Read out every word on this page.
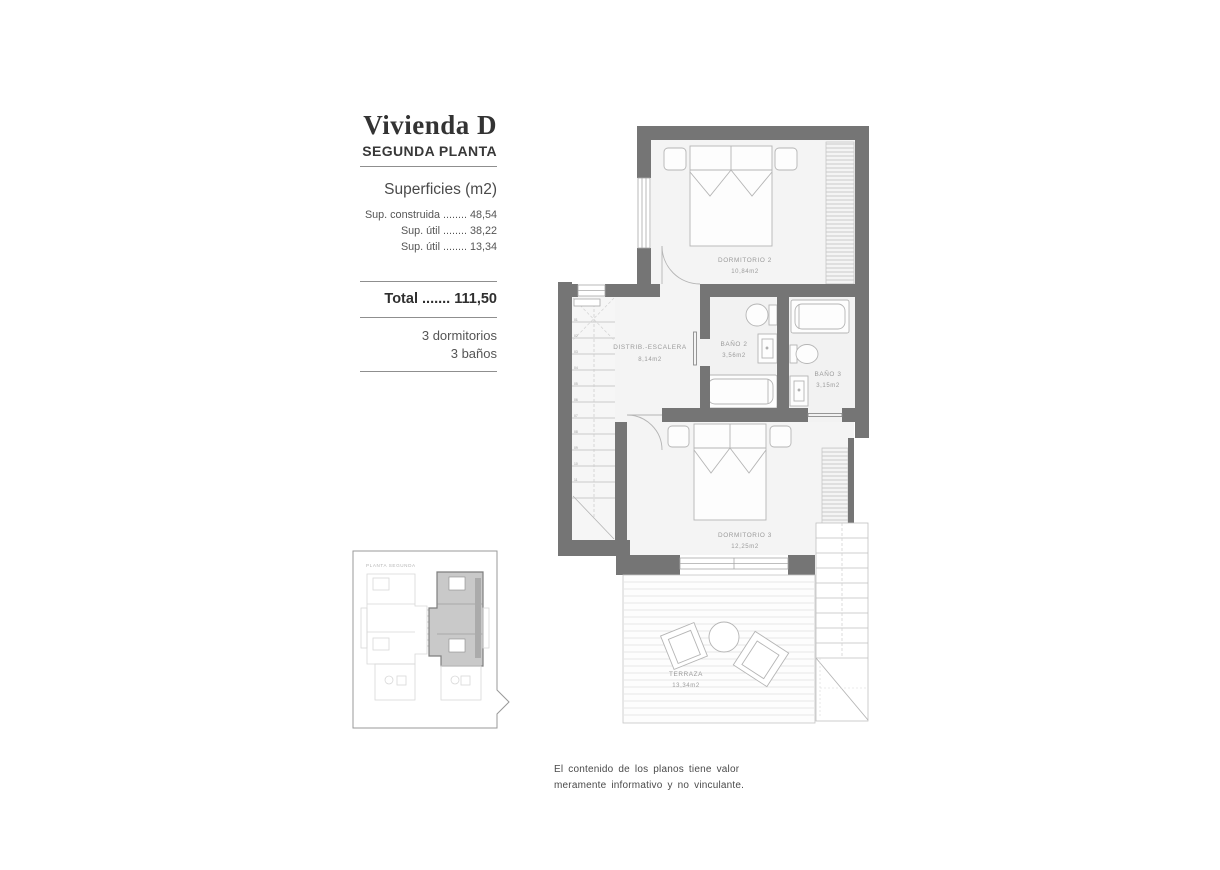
Vivienda D
SEGUNDA PLANTA
Superficies (m2)
Sup. construida ........ 48,54
Sup. útil ........ 38,22
Sup. útil ........ 13,34
Total ....... 111,50
3 dormitorios
3 baños
PLANTA SEGUNDA
01
02
03
04
05
06
07
08
09
10
11
DORMITORIO 2
10,84m2
DISTRIB.-ESCALERA
8,14m2
BAÑO 2
3,56m2
BAÑO 3
3,15m2
DORMITORIO 3
12,25m2
TERRAZA
13,34m2
El contenido de los planos tiene valor
meramente informativo y no vinculante.
